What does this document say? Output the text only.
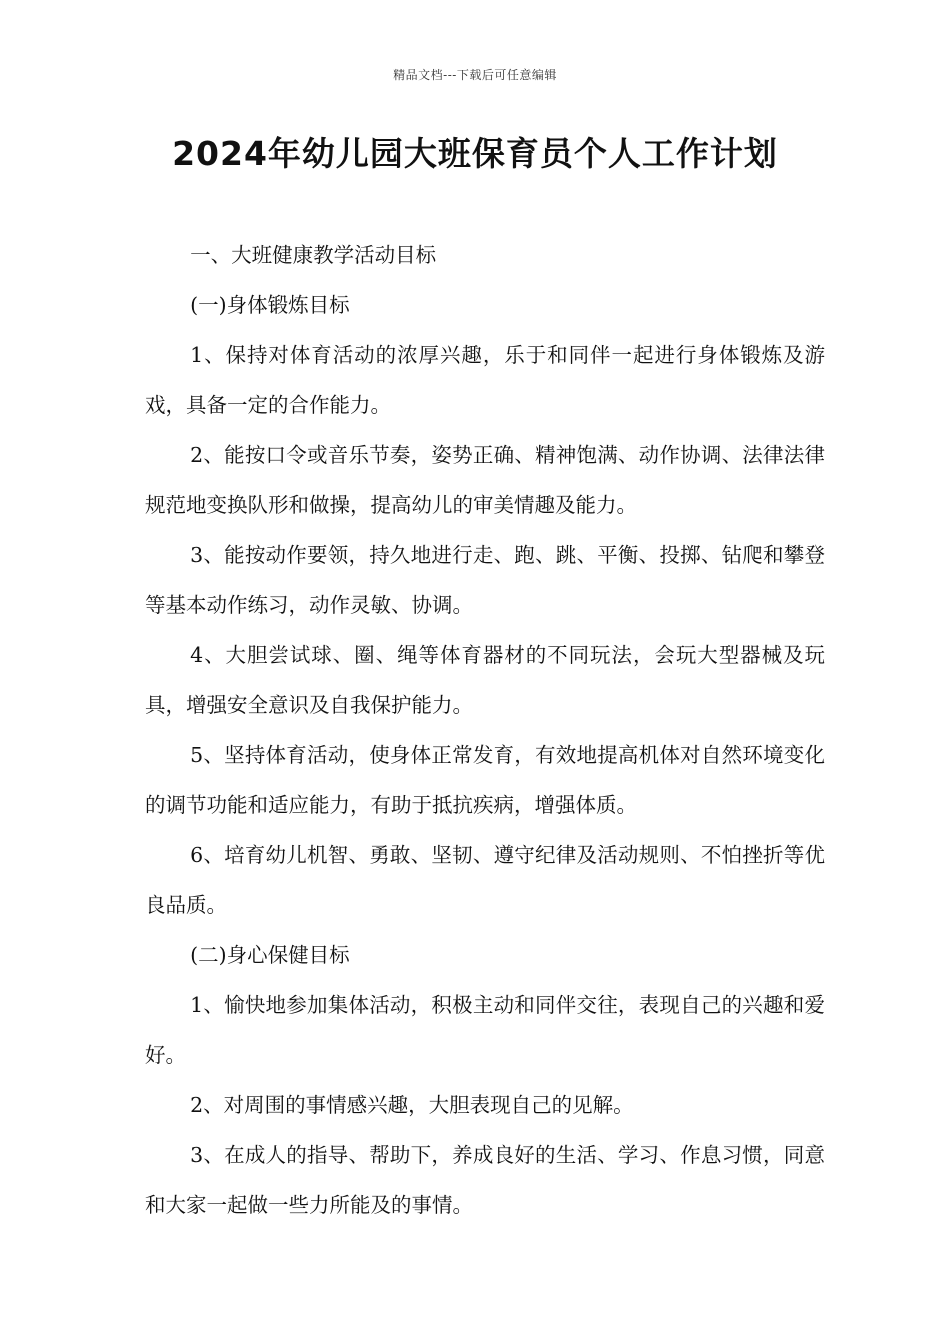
精品文档---下载后可任意编辑
2024年幼儿园大班保育员个人工作计划

一、大班健康教学活动目标

(一)身体锻炼目标

1、保持对体育活动的浓厚兴趣，乐于和同伴一起进行身体锻炼及游戏，具备一定的合作能力。

2、能按口令或音乐节奏，姿势正确、精神饱满、动作协调、法律法律规范地变换队形和做操，提高幼儿的审美情趣及能力。

3、能按动作要领，持久地进行走、跑、跳、平衡、投掷、钻爬和攀登等基本动作练习，动作灵敏、协调。

4、大胆尝试球、圈、绳等体育器材的不同玩法，会玩大型器械及玩具，增强安全意识及自我保护能力。

5、坚持体育活动，使身体正常发育，有效地提高机体对自然环境变化的调节功能和适应能力，有助于抵抗疾病，增强体质。

6、培育幼儿机智、勇敢、坚韧、遵守纪律及活动规则、不怕挫折等优良品质。

(二)身心保健目标

1、愉快地参加集体活动，积极主动和同伴交往，表现自己的兴趣和爱好。

2、对周围的事情感兴趣，大胆表现自己的见解。

3、在成人的指导、帮助下，养成良好的生活、学习、作息习惯，同意和大家一起做一些力所能及的事情。
